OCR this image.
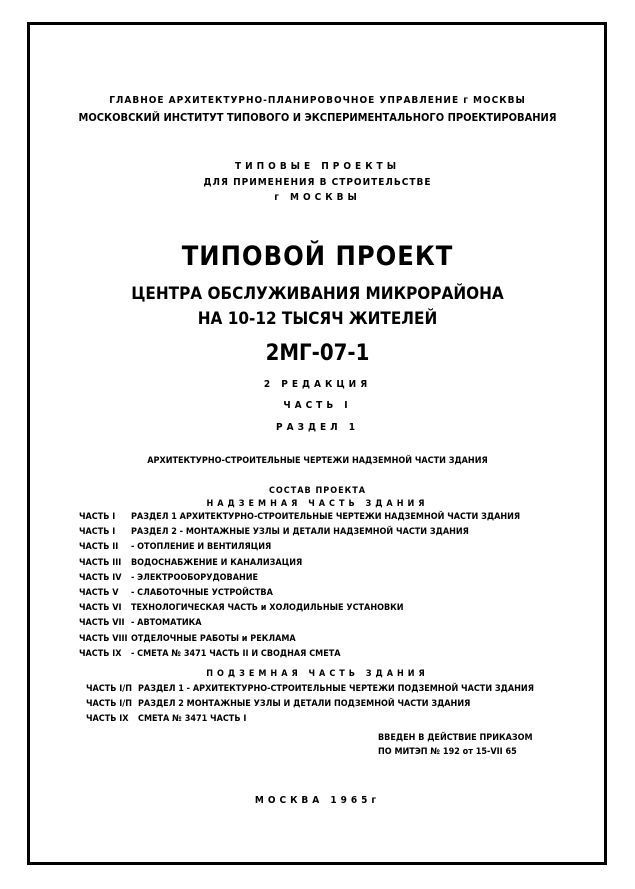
ГЛАВНОЕ АРХИТЕКТУРНО-ПЛАНИРОВОЧНОЕ УПРАВЛЕНИЕ г МОСКВЫ
МОСКОВСКИЙ ИНСТИТУТ ТИПОВОГО И ЭКСПЕРИМЕНТАЛЬНОГО ПРОЕКТИРОВАНИЯ
ТИПОВЫЕ ПРОЕКТЫ
ДЛЯ ПРИМЕНЕНИЯ В СТРОИТЕЛЬСТВЕ
г МОСКВЫ
ТИПОВОЙ ПРОЕКТ
ЦЕНТРА ОБСЛУЖИВАНИЯ МИКРОРАЙОНА
НА 10-12 ТЫСЯЧ ЖИТЕЛЕЙ
2МГ-07-1
2 РЕДАКЦИЯ
ЧАСТЬ I
РАЗДЕЛ 1
АРХИТЕКТУРНО-СТРОИТЕЛЬНЫЕ ЧЕРТЕЖИ НАДЗЕМНОЙ ЧАСТИ ЗДАНИЯ
СОСТАВ ПРОЕКТА
НАДЗЕМНАЯ ЧАСТЬ ЗДАНИЯ
ЧАСТЬ I РАЗДЕЛ 1 АРХИТЕКТУРНО-СТРОИТЕЛЬНЫЕ ЧЕРТЕЖИ НАДЗЕМНОЙ ЧАСТИ ЗДАНИЯ
ЧАСТЬ I РАЗДЕЛ 2 - МОНТАЖНЫЕ УЗЛЫ И ДЕТАЛИ НАДЗЕМНОЙ ЧАСТИ ЗДАНИЯ
ЧАСТЬ II - ОТОПЛЕНИЕ И ВЕНТИЛЯЦИЯ
ЧАСТЬ III ВОДОСНАБЖЕНИЕ И КАНАЛИЗАЦИЯ
ЧАСТЬ IV - ЭЛЕКТРООБОРУДОВАНИЕ
ЧАСТЬ V - СЛАБОТОЧНЫЕ УСТРОЙСТВА
ЧАСТЬ VI ТЕХНОЛОГИЧЕСКАЯ ЧАСТЬ и ХОЛОДИЛЬНЫЕ УСТАНОВКИ
ЧАСТЬ VII - АВТОМАТИКА
ЧАСТЬ VIII ОТДЕЛОЧНЫЕ РАБОТЫ и РЕКЛАМА
ЧАСТЬ IX - СМЕТА № 3471 ЧАСТЬ II И СВОДНАЯ СМЕТА
ПОДЗЕМНАЯ ЧАСТЬ ЗДАНИЯ
ЧАСТЬ I/П РАЗДЕЛ 1 - АРХИТЕКТУРНО-СТРОИТЕЛЬНЫЕ ЧЕРТЕЖИ ПОДЗЕМНОЙ ЧАСТИ ЗДАНИЯ
ЧАСТЬ I/П РАЗДЕЛ 2 МОНТАЖНЫЕ УЗЛЫ И ДЕТАЛИ ПОДЗЕМНОЙ ЧАСТИ ЗДАНИЯ
ЧАСТЬ IX СМЕТА № 3471 ЧАСТЬ I
ВВЕДЕН В ДЕЙСТВИЕ ПРИКАЗОМ
ПО МИТЭП № 192 от 15-VII 65
МОСКВА 1965г
